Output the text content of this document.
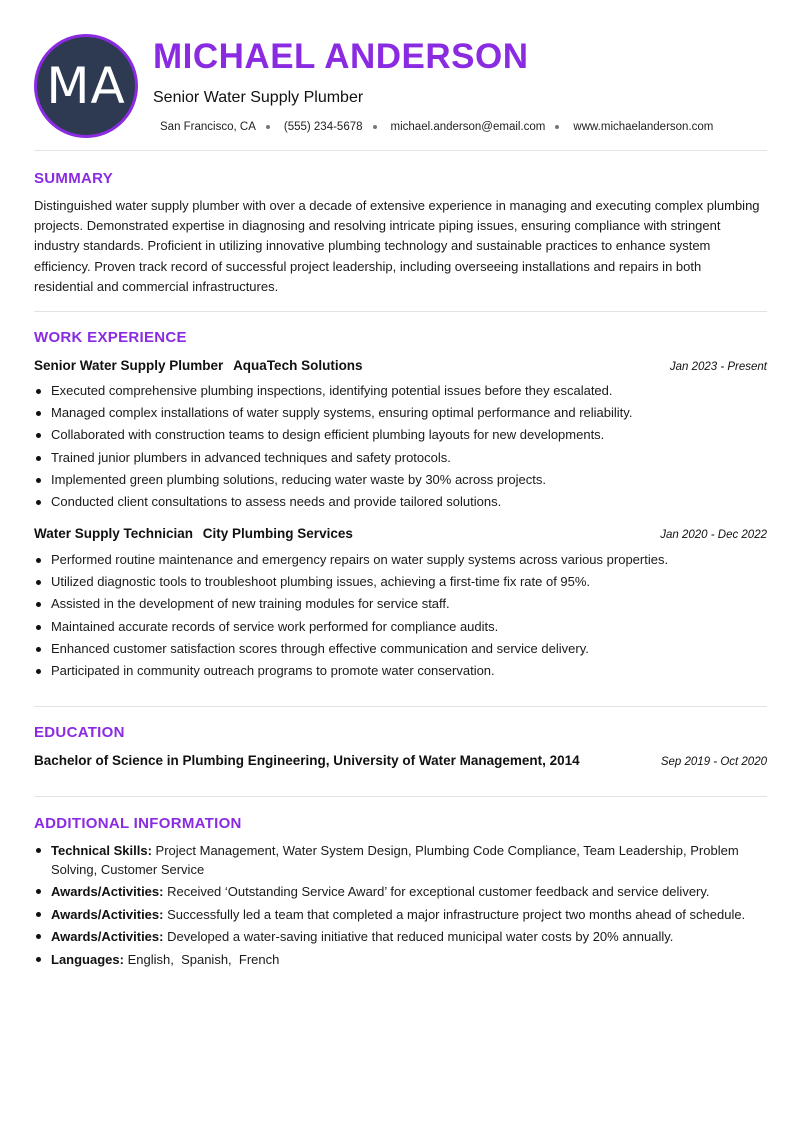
MA
MICHAEL ANDERSON
Senior Water Supply Plumber
San Francisco, CA (555) 234-5678 michael.anderson@email.com www.michaelanderson.com
SUMMARY
Distinguished water supply plumber with over a decade of extensive experience in managing and executing complex plumbing projects. Demonstrated expertise in diagnosing and resolving intricate piping issues, ensuring compliance with stringent industry standards. Proficient in utilizing innovative plumbing technology and sustainable practices to enhance system efficiency. Proven track record of successful project leadership, including overseeing installations and repairs in both residential and commercial infrastructures.
WORK EXPERIENCE
Senior Water Supply Plumber AquaTech Solutions	Jan 2023 - Present
Executed comprehensive plumbing inspections, identifying potential issues before they escalated.
Managed complex installations of water supply systems, ensuring optimal performance and reliability.
Collaborated with construction teams to design efficient plumbing layouts for new developments.
Trained junior plumbers in advanced techniques and safety protocols.
Implemented green plumbing solutions, reducing water waste by 30% across projects.
Conducted client consultations to assess needs and provide tailored solutions.
Water Supply Technician City Plumbing Services	Jan 2020 - Dec 2022
Performed routine maintenance and emergency repairs on water supply systems across various properties.
Utilized diagnostic tools to troubleshoot plumbing issues, achieving a first-time fix rate of 95%.
Assisted in the development of new training modules for service staff.
Maintained accurate records of service work performed for compliance audits.
Enhanced customer satisfaction scores through effective communication and service delivery.
Participated in community outreach programs to promote water conservation.
EDUCATION
Bachelor of Science in Plumbing Engineering, University of Water Management, 2014	Sep 2019 - Oct 2020
ADDITIONAL INFORMATION
Technical Skills: Project Management, Water System Design, Plumbing Code Compliance, Team Leadership, Problem Solving, Customer Service
Awards/Activities: Received ‘Outstanding Service Award’ for exceptional customer feedback and service delivery.
Awards/Activities: Successfully led a team that completed a major infrastructure project two months ahead of schedule.
Awards/Activities: Developed a water-saving initiative that reduced municipal water costs by 20% annually.
Languages: English,  Spanish,  French
